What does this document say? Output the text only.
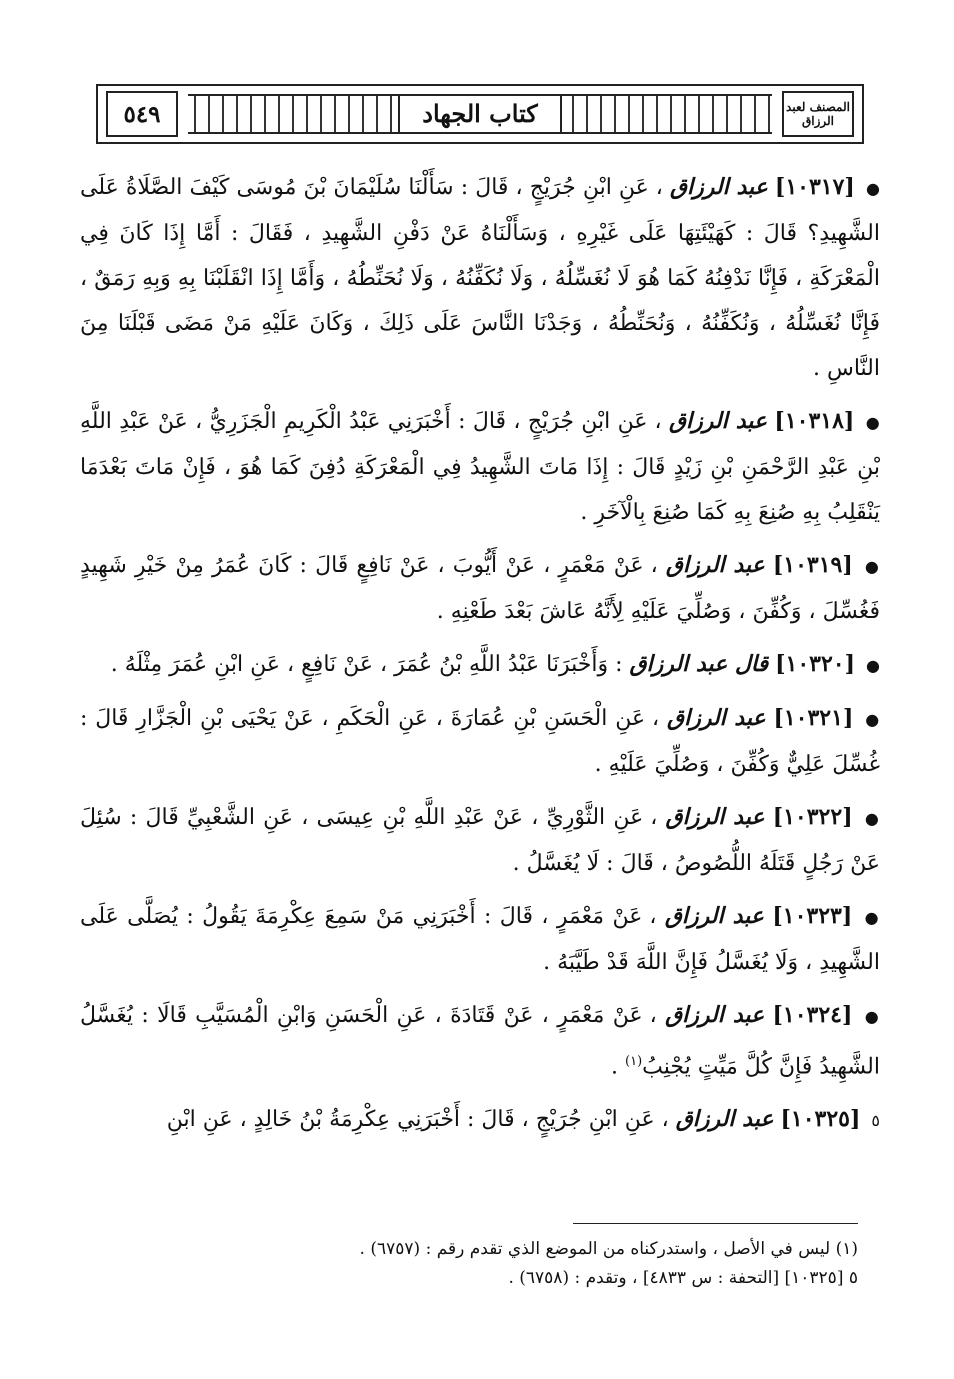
المصنف لعبد الرزاق
كتاب الجهاد
٥٤٩

● [١٠٣١٧] عبد الرزاق ، عَنِ ابْنِ جُرَيْجٍ ، قَالَ : سَأَلْنَا سُلَيْمَانَ بْنَ مُوسَى كَيْفَ الصَّلَاةُ عَلَى الشَّهِيدِ؟ قَالَ : كَهَيْئَتِهَا عَلَى غَيْرِهِ ، وَسَأَلْنَاهُ عَنْ دَفْنِ الشَّهِيدِ ، فَقَالَ : أَمَّا إِذَا كَانَ فِي الْمَعْرَكَةِ ، فَإِنَّا نَدْفِنُهُ كَمَا هُوَ لَا نُغَسِّلُهُ ، وَلَا نُكَفِّنُهُ ، وَلَا نُحَنِّطُهُ ، وَأَمَّا إِذَا انْقَلَبْنَا بِهِ وَبِهِ رَمَقٌ ، فَإِنَّا نُغَسِّلُهُ ، وَنُكَفِّنُهُ ، وَنُحَنِّطُهُ ، وَجَدْنَا النَّاسَ عَلَى ذَلِكَ ، وَكَانَ عَلَيْهِ مَنْ مَضَى قَبْلَنَا مِنَ النَّاسِ .

● [١٠٣١٨] عبد الرزاق ، عَنِ ابْنِ جُرَيْجٍ ، قَالَ : أَخْبَرَنِي عَبْدُ الْكَرِيمِ الْجَزَرِيُّ ، عَنْ عَبْدِ اللَّهِ بْنِ عَبْدِ الرَّحْمَنِ بْنِ زَيْدٍ قَالَ : إِذَا مَاتَ الشَّهِيدُ فِي الْمَعْرَكَةِ دُفِنَ كَمَا هُوَ ، فَإِنْ مَاتَ بَعْدَمَا يَنْقَلِبُ بِهِ صُنِعَ بِهِ كَمَا صُنِعَ بِالْآخَرِ .

● [١٠٣١٩] عبد الرزاق ، عَنْ مَعْمَرٍ ، عَنْ أَيُّوبَ ، عَنْ نَافِعٍ قَالَ : كَانَ عُمَرُ مِنْ خَيْرِ شَهِيدٍ فَغُسِّلَ ، وَكُفِّنَ ، وَصُلِّيَ عَلَيْهِ لِأَنَّهُ عَاشَ بَعْدَ طَعْنِهِ .

● [١٠٣٢٠] قال عبد الرزاق : وَأَخْبَرَنَا عَبْدُ اللَّهِ بْنُ عُمَرَ ، عَنْ نَافِعٍ ، عَنِ ابْنِ عُمَرَ مِثْلَهُ .

● [١٠٣٢١] عبد الرزاق ، عَنِ الْحَسَنِ بْنِ عُمَارَةَ ، عَنِ الْحَكَمِ ، عَنْ يَحْيَى بْنِ الْجَزَّارِ قَالَ : غُسِّلَ عَلِيٌّ وَكُفِّنَ ، وَصُلِّيَ عَلَيْهِ .

● [١٠٣٢٢] عبد الرزاق ، عَنِ الثَّوْرِيِّ ، عَنْ عَبْدِ اللَّهِ بْنِ عِيسَى ، عَنِ الشَّعْبِيِّ قَالَ : سُئِلَ عَنْ رَجُلٍ قَتَلَهُ اللُّصُوصُ ، قَالَ : لَا يُغَسَّلُ .

● [١٠٣٢٣] عبد الرزاق ، عَنْ مَعْمَرٍ ، قَالَ : أَخْبَرَنِي مَنْ سَمِعَ عِكْرِمَةَ يَقُولُ : يُصَلَّى عَلَى الشَّهِيدِ ، وَلَا يُغَسَّلُ فَإِنَّ اللَّهَ قَدْ طَيَّبَهُ .

● [١٠٣٢٤] عبد الرزاق ، عَنْ مَعْمَرٍ ، عَنْ قَتَادَةَ ، عَنِ الْحَسَنِ وَابْنِ الْمُسَيَّبِ قَالَا : يُغَسَّلُ الشَّهِيدُ فَإِنَّ كُلَّ مَيِّتٍ يُجْنِبُ$^{(١)}$ .

٥ [١٠٣٢٥] عبد الرزاق ، عَنِ ابْنِ جُرَيْجٍ ، قَالَ : أَخْبَرَنِي عِكْرِمَةُ بْنُ خَالِدٍ ، عَنِ ابْنِ

(١) ليس في الأصل ، واستدركناه من الموضع الذي تقدم رقم : (٦٧٥٧) .
٥ [١٠٣٢٥] [التحفة : س ٤٨٣٣] ، وتقدم : (٦٧٥٨) .
